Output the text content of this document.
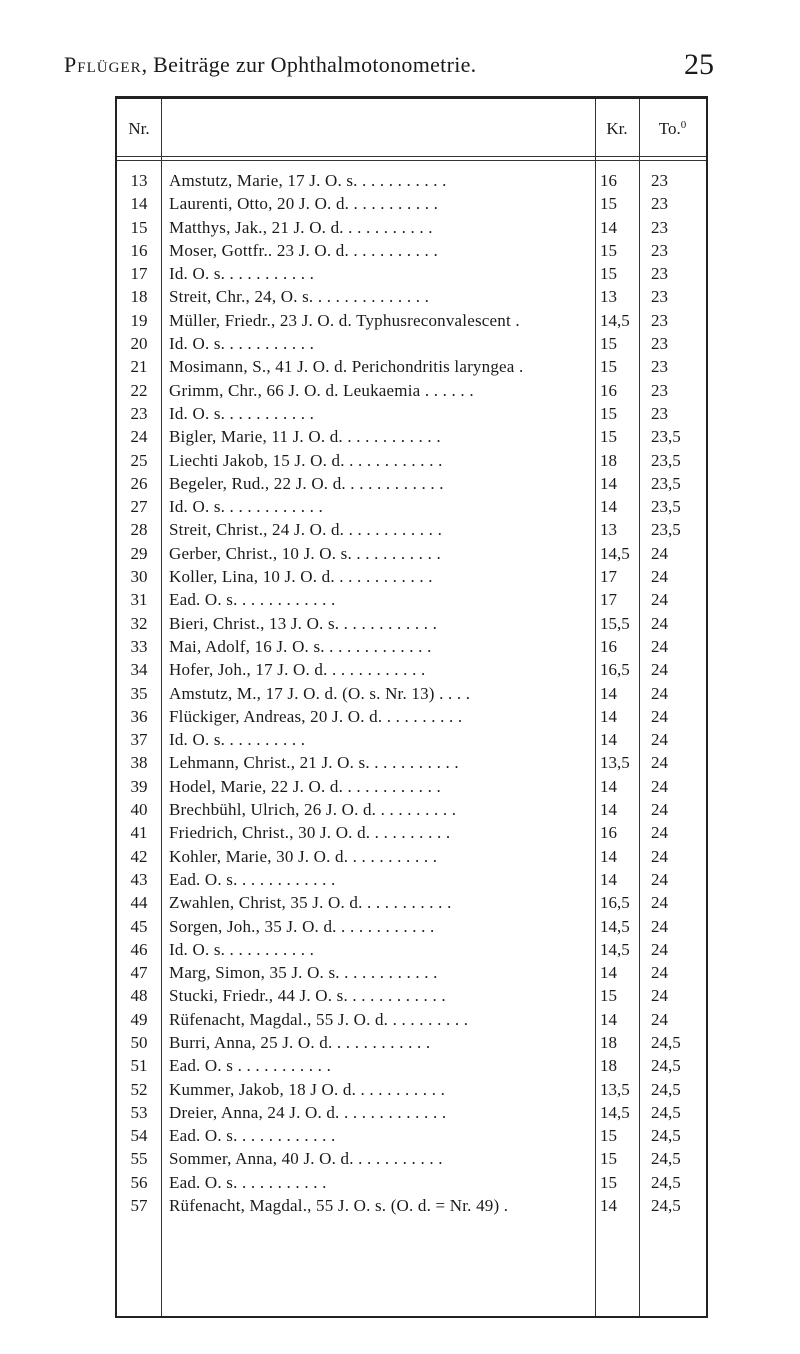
Pflüger, Beiträge zur Ophthalmotonometrie.	25
Nr.	Kr.	To.$^0$
13	Amstutz, Marie, 17 J. O. s. . . . . . . . . . .	16	23
14	Laurenti, Otto, 20 J. O. d. . . . . . . . . . .	15	23
15	Matthys, Jak., 21 J. O. d. . . . . . . . . . .	14	23
16	Moser, Gottfr.. 23 J. O. d. . . . . . . . . . .	15	23
17	Id. O. s. . . . . . . . . . .	15	23
18	Streit, Chr., 24, O. s. . . . . . . . . . . . . .	13	23
19	Müller, Friedr., 23 J. O. d. Typhusreconvalescent .	14,5	23
20	Id. O. s. . . . . . . . . . .	15	23
21	Mosimann, S., 41 J. O. d. Perichondritis laryngea .	15	23
22	Grimm, Chr., 66 J. O. d. Leukaemia . . . . . .	16	23
23	Id. O. s. . . . . . . . . . .	15	23
24	Bigler, Marie, 11 J. O. d. . . . . . . . . . . .	15	23,5
25	Liechti Jakob, 15 J. O. d. . . . . . . . . . . .	18	23,5
26	Begeler, Rud., 22 J. O. d. . . . . . . . . . . .	14	23,5
27	Id. O. s. . . . . . . . . . . .	14	23,5
28	Streit, Christ., 24 J. O. d. . . . . . . . . . . .	13	23,5
29	Gerber, Christ., 10 J. O. s. . . . . . . . . . .	14,5	24
30	Koller, Lina, 10 J. O. d. . . . . . . . . . . .	17	24
31	Ead. O. s. . . . . . . . . . . .	17	24
32	Bieri, Christ., 13 J. O. s. . . . . . . . . . . .	15,5	24
33	Mai, Adolf, 16 J. O. s. . . . . . . . . . . . .	16	24
34	Hofer, Joh., 17 J. O. d. . . . . . . . . . . .	16,5	24
35	Amstutz, M., 17 J. O. d. (O. s. Nr. 13) . . . .	14	24
36	Flückiger, Andreas, 20 J. O. d. . . . . . . . . .	14	24
37	Id. O. s. . . . . . . . . .	14	24
38	Lehmann, Christ., 21 J. O. s. . . . . . . . . . .	13,5	24
39	Hodel, Marie, 22 J. O. d. . . . . . . . . . . .	14	24
40	Brechbühl, Ulrich, 26 J. O. d. . . . . . . . . .	14	24
41	Friedrich, Christ., 30 J. O. d. . . . . . . . . .	16	24
42	Kohler, Marie, 30 J. O. d. . . . . . . . . . .	14	24
43	Ead. O. s. . . . . . . . . . . .	14	24
44	Zwahlen, Christ, 35 J. O. d. . . . . . . . . . .	16,5	24
45	Sorgen, Joh., 35 J. O. d. . . . . . . . . . . .	14,5	24
46	Id. O. s. . . . . . . . . . .	14,5	24
47	Marg, Simon, 35 J. O. s. . . . . . . . . . . .	14	24
48	Stucki, Friedr., 44 J. O. s. . . . . . . . . . . .	15	24
49	Rüfenacht, Magdal., 55 J. O. d. . . . . . . . . .	14	24
50	Burri, Anna, 25 J. O. d. . . . . . . . . . . .	18	24,5
51	Ead. O. s . . . . . . . . . . .	18	24,5
52	Kummer, Jakob, 18 J O. d. . . . . . . . . . .	13,5	24,5
53	Dreier, Anna, 24 J. O. d. . . . . . . . . . . . .	14,5	24,5
54	Ead. O. s. . . . . . . . . . . .	15	24,5
55	Sommer, Anna, 40 J. O. d. . . . . . . . . . .	15	24,5
56	Ead. O. s. . . . . . . . . . .	15	24,5
57	Rüfenacht, Magdal., 55 J. O. s. (O. d. = Nr. 49) .	14	24,5
